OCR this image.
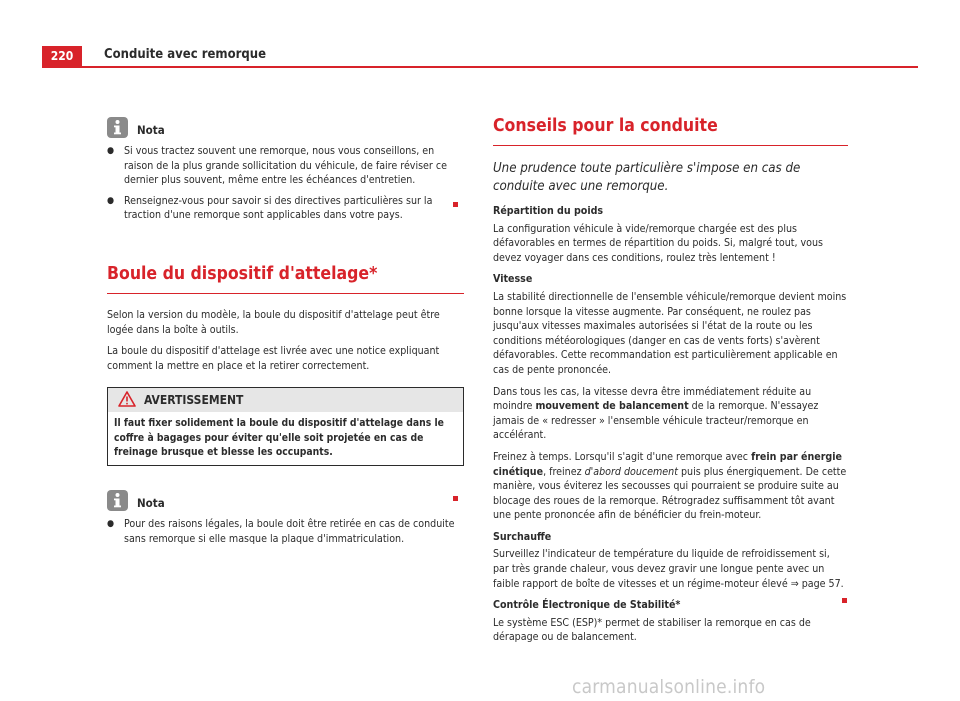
220	Conduite avec remorque
Nota
● Si vous tractez souvent une remorque, nous vous conseillons, en raison de la plus grande sollicitation du véhicule, de faire réviser ce dernier plus souvent, même entre les échéances d'entretien.
● Renseignez-vous pour savoir si des directives particulières sur la traction d'une remorque sont applicables dans votre pays.
Boule du dispositif d'attelage*

Selon la version du modèle, la boule du dispositif d'attelage peut être logée dans la boîte à outils.

La boule du dispositif d'attelage est livrée avec une notice expliquant comment la mettre en place et la retirer correctement.

AVERTISSEMENT
Il faut fixer solidement la boule du dispositif d'attelage dans le coffre à bagages pour éviter qu'elle soit projetée en cas de freinage brusque et blesse les occupants.
Nota
● Pour des raisons légales, la boule doit être retirée en cas de conduite sans remorque si elle masque la plaque d'immatriculation.
Conseils pour la conduite
Une prudence toute particulière s'impose en cas de conduite avec une remorque.
Répartition du poids

La configuration véhicule à vide/remorque chargée est des plus défavorables en termes de répartition du poids. Si, malgré tout, vous devez voyager dans ces conditions, roulez très lentement !

Vitesse

La stabilité directionnelle de l'ensemble véhicule/remorque devient moins bonne lorsque la vitesse augmente. Par conséquent, ne roulez pas jusqu'aux vitesses maximales autorisées si l'état de la route ou les conditions météorologiques (danger en cas de vents forts) s'avèrent défavorables. Cette recommandation est particulièrement applicable en cas de pente prononcée.

Dans tous les cas, la vitesse devra être immédiatement réduite au moindre mouvement de balancement de la remorque. N'essayez jamais de « redresser » l'ensemble véhicule tracteur/remorque en accélérant.

Freinez à temps. Lorsqu'il s'agit d'une remorque avec frein par énergie cinétique, freinez d'abord doucement puis plus énergiquement. De cette manière, vous éviterez les secousses qui pourraient se produire suite au blocage des roues de la remorque. Rétrogradez suffisamment tôt avant une pente prononcée afin de bénéficier du frein-moteur.

Surchauffe

Surveillez l'indicateur de température du liquide de refroidissement si, par très grande chaleur, vous devez gravir une longue pente avec un faible rapport de boîte de vitesses et un régime-moteur élevé ⇒ page 57.

Contrôle Électronique de Stabilité*

Le système ESC (ESP)* permet de stabiliser la remorque en cas de dérapage ou de balancement.

carmanualsonline.info
